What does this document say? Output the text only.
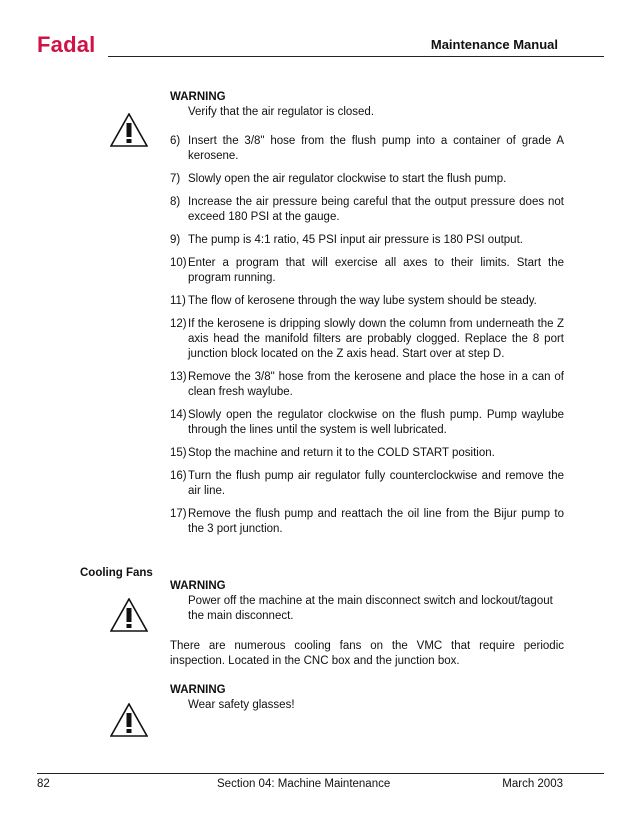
Fadal	Maintenance Manual
WARNING
Verify that the air regulator is closed.
6) Insert the 3/8" hose from the flush pump into a container of grade A kerosene.
7) Slowly open the air regulator clockwise to start the flush pump.
8) Increase the air pressure being careful that the output pressure does not exceed 180 PSI at the gauge.
9) The pump is 4:1 ratio, 45 PSI input air pressure is 180 PSI output.
10) Enter a program that will exercise all axes to their limits. Start the program running.
11) The flow of kerosene through the way lube system should be steady.
12) If the kerosene is dripping slowly down the column from underneath the Z axis head the manifold filters are probably clogged. Replace the 8 port junction block located on the Z axis head. Start over at step D.
13) Remove the 3/8" hose from the kerosene and place the hose in a can of clean fresh waylube.
14) Slowly open the regulator clockwise on the flush pump. Pump waylube through the lines until the system is well lubricated.
15) Stop the machine and return it to the COLD START position.
16) Turn the flush pump air regulator fully counterclockwise and remove the air line.
17) Remove the flush pump and reattach the oil line from the Bijur pump to the 3 port junction.
Cooling Fans
WARNING
Power off the machine at the main disconnect switch and lockout/tagout the main disconnect.
There are numerous cooling fans on the VMC that require periodic inspection. Located in the CNC box and the junction box.
WARNING
Wear safety glasses!
82	Section 04: Machine Maintenance	March 2003
